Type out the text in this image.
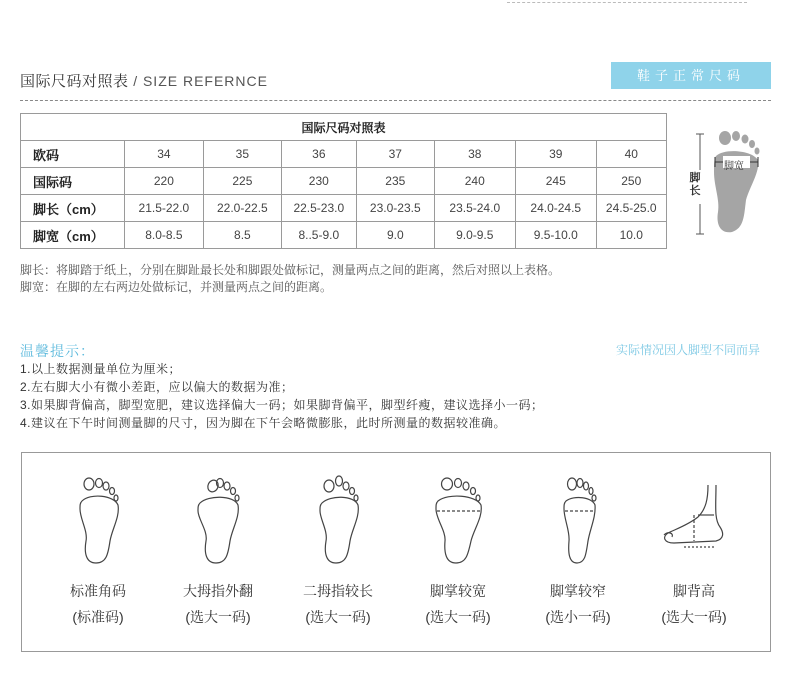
国际尺码对照表 / SIZE REFERNCE	鞋子正常尺码
国际尺码对照表							
欧码	34	35	36	37	38	39	40
国际码	220	225	230	235	240	245	250
脚长（cm）	21.5-22.0	22.0-22.5	22.5-23.0	23.0-23.5	23.5-24.0	24.0-24.5	24.5-25.0
脚宽（cm）	8.0-8.5	8.5	8..5-9.0	9.0	9.0-9.5	9.5-10.0	10.0
脚
长
脚宽
脚长：将脚踏于纸上，分别在脚趾最长处和脚跟处做标记，测量两点之间的距离，然后对照以上表格。
脚宽：在脚的左右两边处做标记，并测量两点之间的距离。
温馨提示：	实际情况因人脚型不同而异
1.以上数据测量单位为厘米；
2.左右脚大小有微小差距，应以偏大的数据为准；
3.如果脚背偏高，脚型宽肥，建议选择偏大一码；如果脚背偏平，脚型纤瘦，建议选择小一码；
4.建议在下午时间测量脚的尺寸，因为脚在下午会略微膨胀，此时所测量的数据较准确。
标准角码
(标准码)
大拇指外翻
(选大一码)
二拇指较长
(选大一码)
脚掌较宽
(选大一码)
脚掌较窄
(选小一码)
脚背高
(选大一码)
